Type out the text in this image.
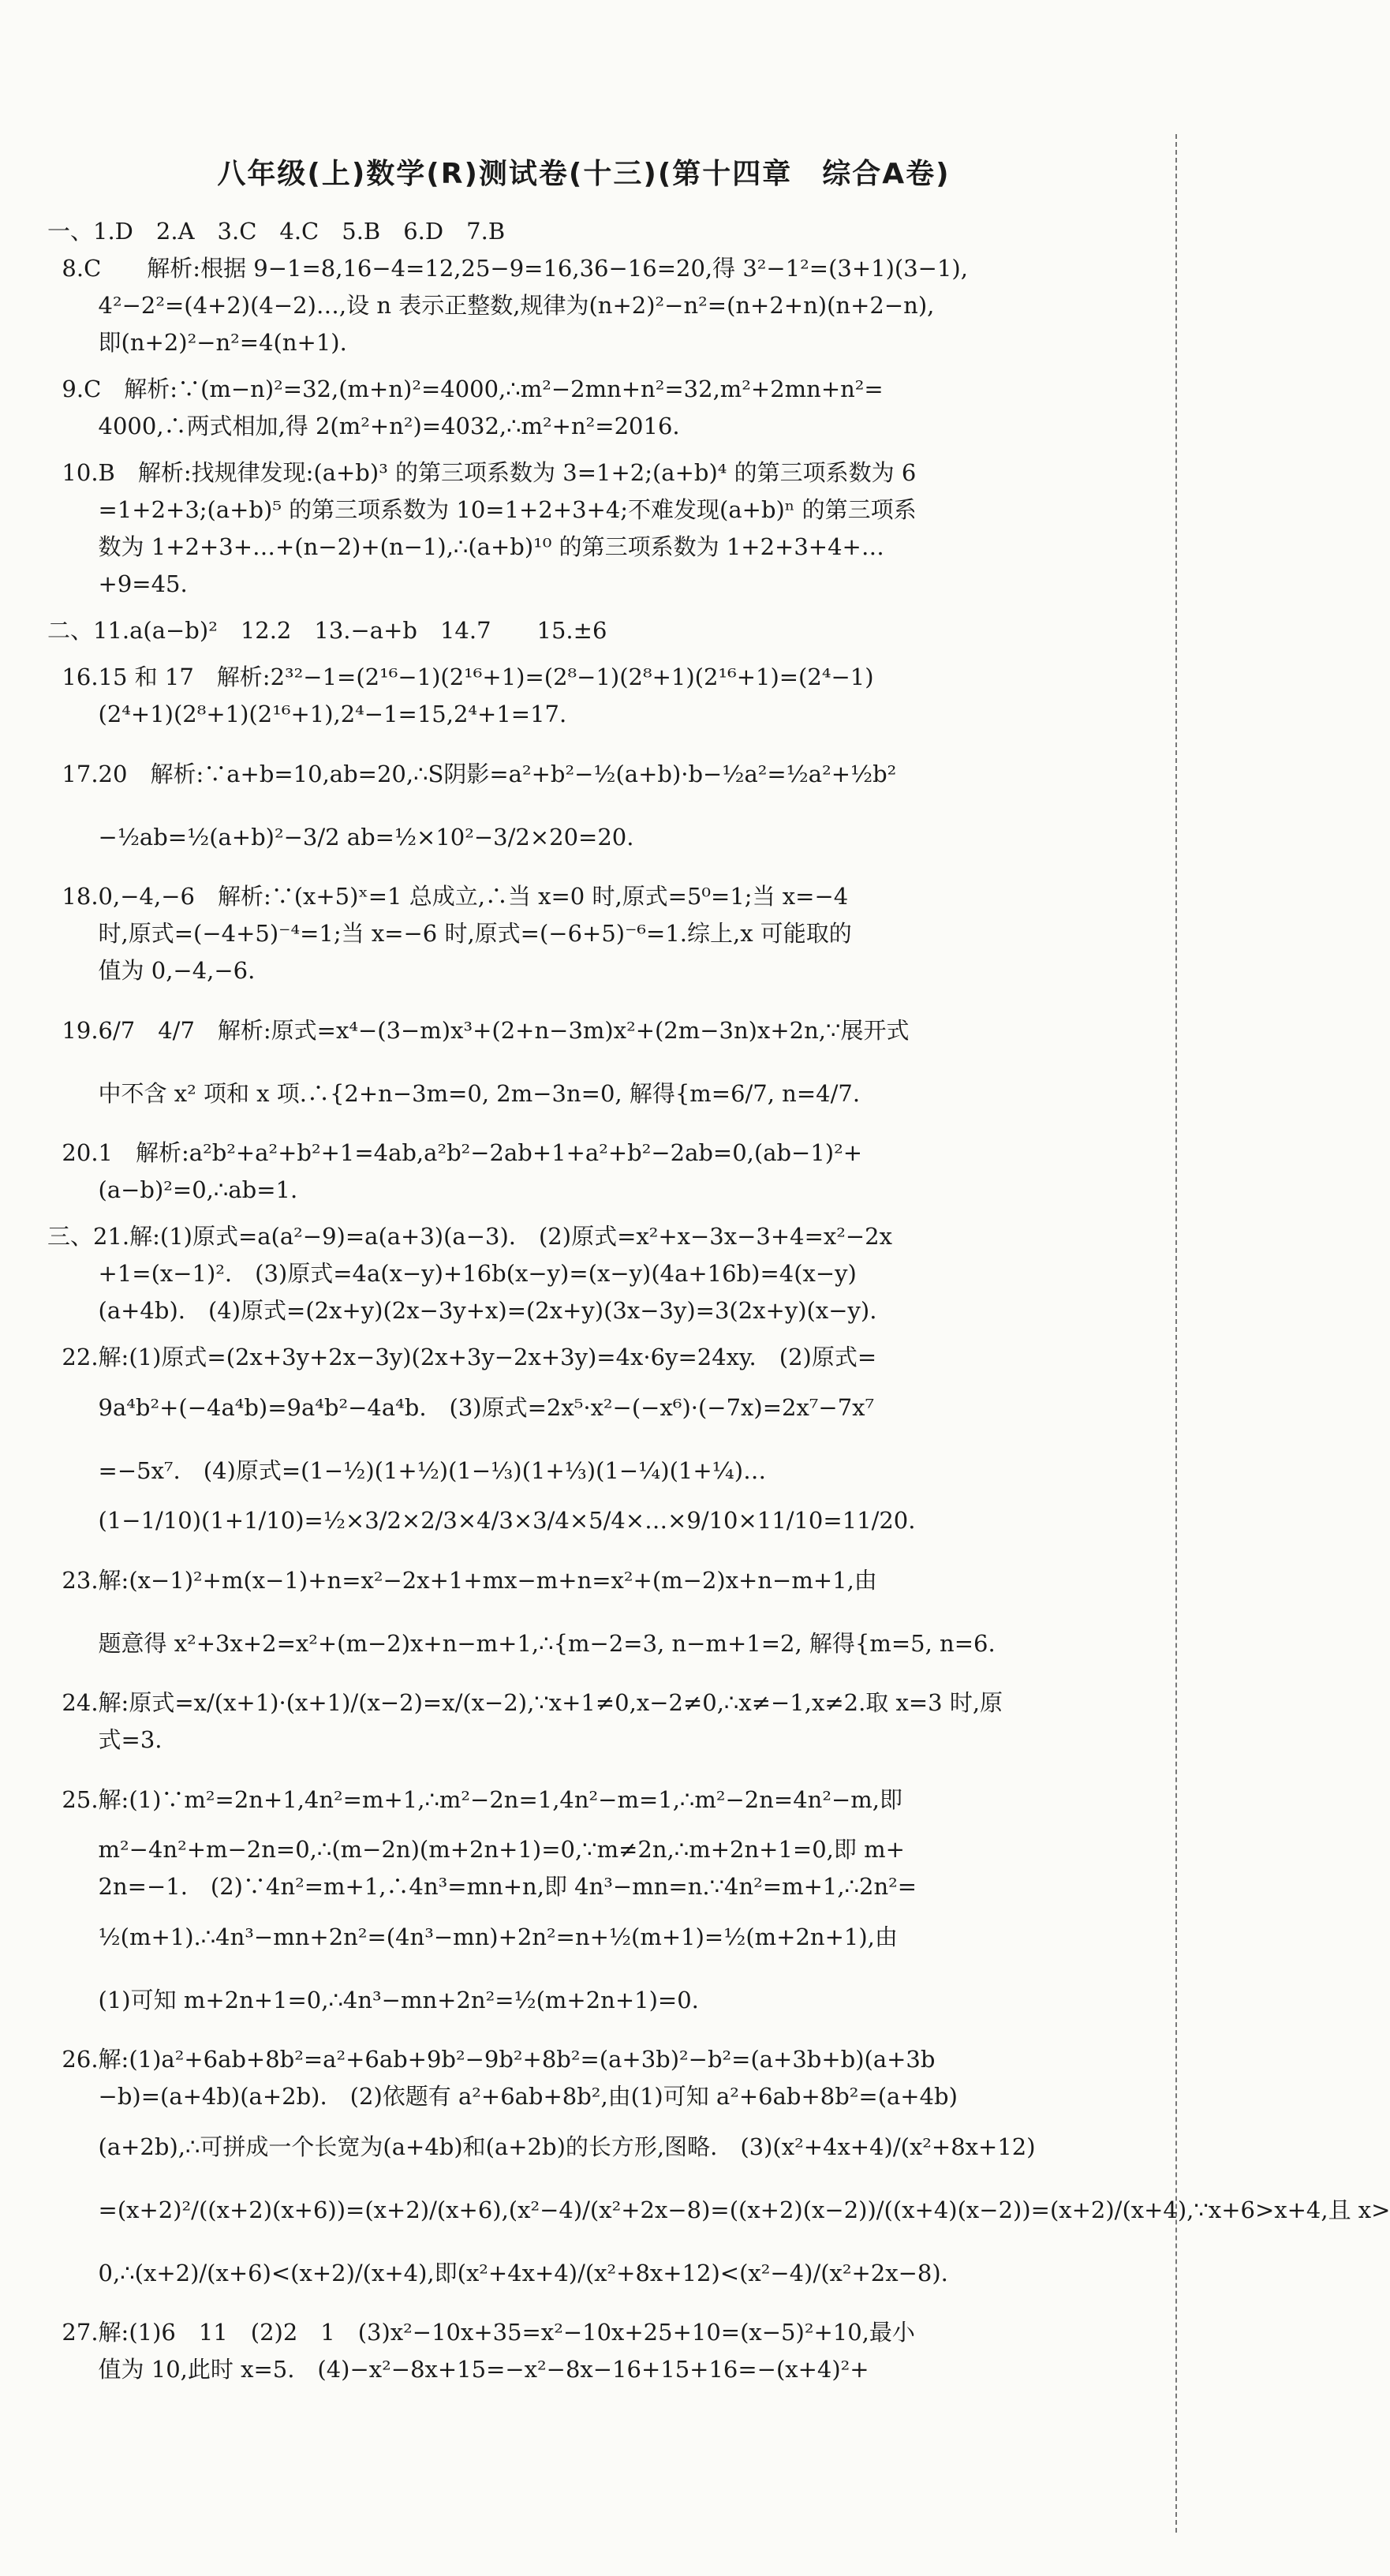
八年级(上)数学(R)测试卷(十三)(第十四章　综合A卷)
一、1.D　2.A　3.C　4.C　5.B　6.D　7.B
8.C　　解析:根据 9−1=8,16−4=12,25−9=16,36−16=20,得 3²−1²=(3+1)(3−1),
4²−2²=(4+2)(4−2)…,设 n 表示正整数,规律为(n+2)²−n²=(n+2+n)(n+2−n),
即(n+2)²−n²=4(n+1).
9.C　解析:∵(m−n)²=32,(m+n)²=4000,∴m²−2mn+n²=32,m²+2mn+n²=
4000,∴两式相加,得 2(m²+n²)=4032,∴m²+n²=2016.
10.B　解析:找规律发现:(a+b)³ 的第三项系数为 3=1+2;(a+b)⁴ 的第三项系数为 6
=1+2+3;(a+b)⁵ 的第三项系数为 10=1+2+3+4;不难发现(a+b)ⁿ 的第三项系
数为 1+2+3+…+(n−2)+(n−1),∴(a+b)¹⁰ 的第三项系数为 1+2+3+4+…
+9=45.
二、11.a(a−b)²　12.2　13.−a+b　14.7　　15.±6
16.15 和 17　解析:2³²−1=(2¹⁶−1)(2¹⁶+1)=(2⁸−1)(2⁸+1)(2¹⁶+1)=(2⁴−1)
(2⁴+1)(2⁸+1)(2¹⁶+1),2⁴−1=15,2⁴+1=17.
17.20　解析:∵a+b=10,ab=20,∴S阴影=a²+b²−½(a+b)·b−½a²=½a²+½b²
−½ab=½(a+b)²−3/2 ab=½×10²−3/2×20=20.
18.0,−4,−6　解析:∵(x+5)ˣ=1 总成立,∴当 x=0 时,原式=5⁰=1;当 x=−4
时,原式=(−4+5)⁻⁴=1;当 x=−6 时,原式=(−6+5)⁻⁶=1.综上,x 可能取的
值为 0,−4,−6.
19.6/7　4/7　解析:原式=x⁴−(3−m)x³+(2+n−3m)x²+(2m−3n)x+2n,∵展开式
中不含 x² 项和 x 项.∴{2+n−3m=0, 2m−3n=0, 解得{m=6/7, n=4/7.
20.1　解析:a²b²+a²+b²+1=4ab,a²b²−2ab+1+a²+b²−2ab=0,(ab−1)²+
(a−b)²=0,∴ab=1.
三、21.解:(1)原式=a(a²−9)=a(a+3)(a−3).　(2)原式=x²+x−3x−3+4=x²−2x
+1=(x−1)².　(3)原式=4a(x−y)+16b(x−y)=(x−y)(4a+16b)=4(x−y)
(a+4b).　(4)原式=(2x+y)(2x−3y+x)=(2x+y)(3x−3y)=3(2x+y)(x−y).
22.解:(1)原式=(2x+3y+2x−3y)(2x+3y−2x+3y)=4x·6y=24xy.　(2)原式=
9a⁴b²+(−4a⁴b)=9a⁴b²−4a⁴b.　(3)原式=2x⁵·x²−(−x⁶)·(−7x)=2x⁷−7x⁷
=−5x⁷.　(4)原式=(1−½)(1+½)(1−⅓)(1+⅓)(1−¼)(1+¼)…
(1−1/10)(1+1/10)=½×3/2×2/3×4/3×3/4×5/4×…×9/10×11/10=11/20.
23.解:(x−1)²+m(x−1)+n=x²−2x+1+mx−m+n=x²+(m−2)x+n−m+1,由
题意得 x²+3x+2=x²+(m−2)x+n−m+1,∴{m−2=3, n−m+1=2, 解得{m=5, n=6.
24.解:原式=x/(x+1)·(x+1)/(x−2)=x/(x−2),∵x+1≠0,x−2≠0,∴x≠−1,x≠2.取 x=3 时,原
式=3.
25.解:(1)∵m²=2n+1,4n²=m+1,∴m²−2n=1,4n²−m=1,∴m²−2n=4n²−m,即
m²−4n²+m−2n=0,∴(m−2n)(m+2n+1)=0,∵m≠2n,∴m+2n+1=0,即 m+
2n=−1.　(2)∵4n²=m+1,∴4n³=mn+n,即 4n³−mn=n.∵4n²=m+1,∴2n²=
½(m+1).∴4n³−mn+2n²=(4n³−mn)+2n²=n+½(m+1)=½(m+2n+1),由
(1)可知 m+2n+1=0,∴4n³−mn+2n²=½(m+2n+1)=0.
26.解:(1)a²+6ab+8b²=a²+6ab+9b²−9b²+8b²=(a+3b)²−b²=(a+3b+b)(a+3b
−b)=(a+4b)(a+2b).　(2)依题有 a²+6ab+8b²,由(1)可知 a²+6ab+8b²=(a+4b)
(a+2b),∴可拼成一个长宽为(a+4b)和(a+2b)的长方形,图略.　(3)(x²+4x+4)/(x²+8x+12)
=(x+2)²/((x+2)(x+6))=(x+2)/(x+6),(x²−4)/(x²+2x−8)=((x+2)(x−2))/((x+4)(x−2))=(x+2)/(x+4),∵x+6>x+4,且 x>
0,∴(x+2)/(x+6)<(x+2)/(x+4),即(x²+4x+4)/(x²+8x+12)<(x²−4)/(x²+2x−8).
27.解:(1)6　11　(2)2　1　(3)x²−10x+35=x²−10x+25+10=(x−5)²+10,最小
值为 10,此时 x=5.　(4)−x²−8x+15=−x²−8x−16+15+16=−(x+4)²+
